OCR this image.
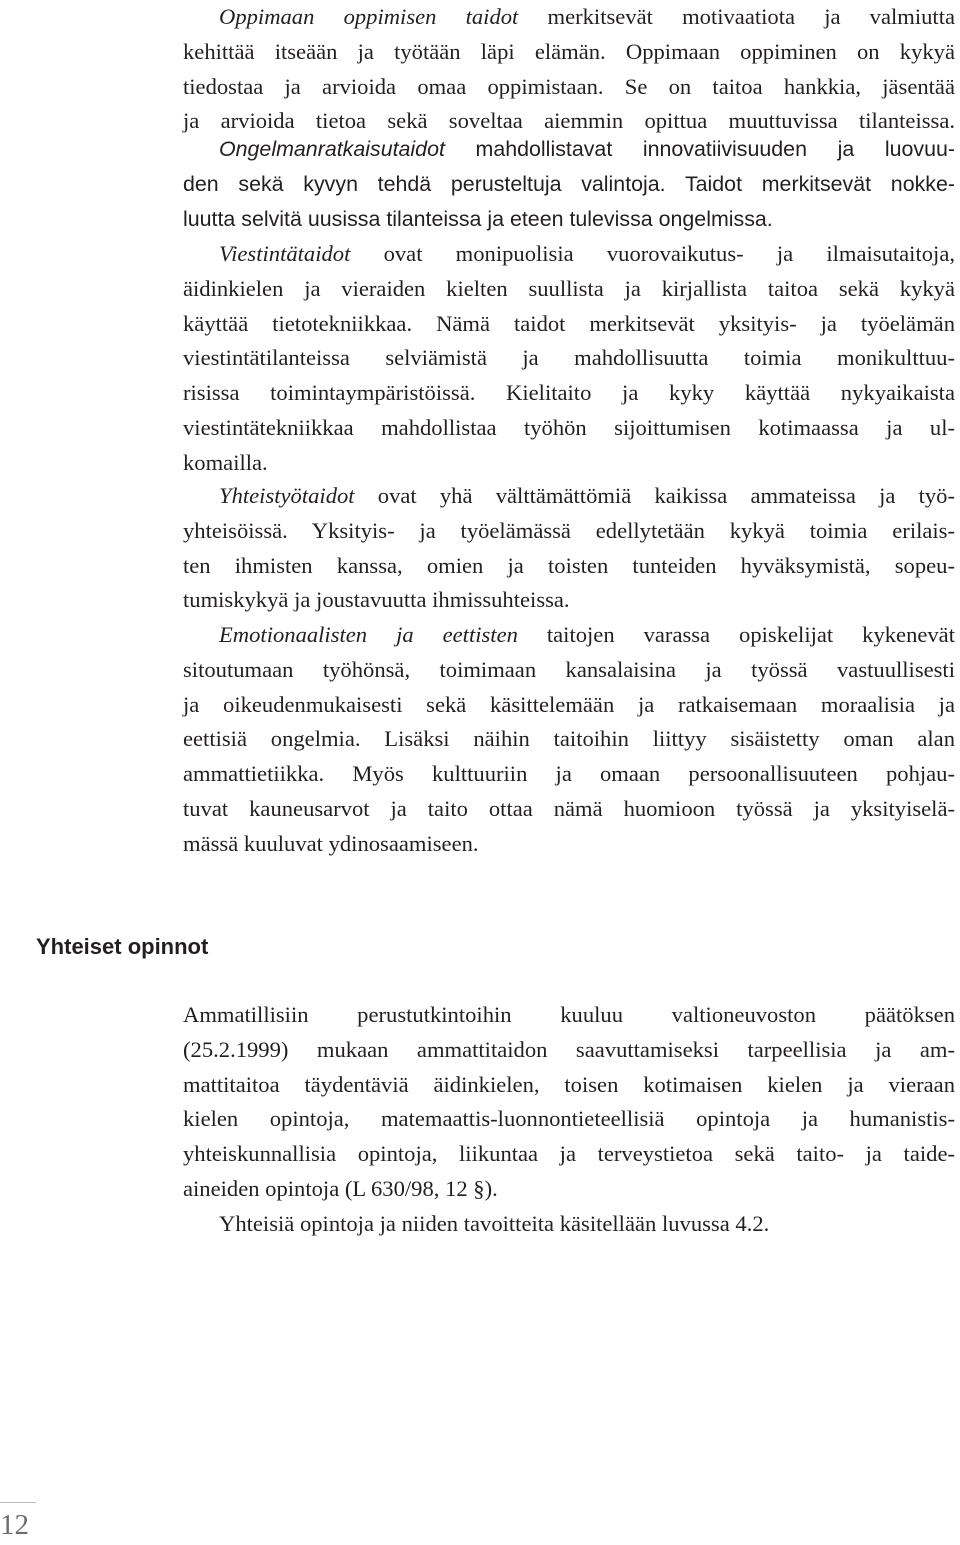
Oppimaan oppimisen taidot merkitsevät motivaatiota ja valmiutta
kehittää itseään ja työtään läpi elämän. Oppimaan oppiminen on kykyä
tiedostaa ja arvioida omaa oppimistaan. Se on taitoa hankkia, jäsentää
ja arvioida tietoa sekä soveltaa aiemmin opittua muuttuvissa tilanteissa.
Ongelmanratkaisutaidot mahdollistavat innovatiivisuuden ja luovuu-
den sekä kyvyn tehdä perusteltuja valintoja. Taidot merkitsevät nokke-
luutta selvitä uusissa tilanteissa ja eteen tulevissa ongelmissa.
Viestintätaidot ovat monipuolisia vuorovaikutus- ja ilmaisutaitoja,
äidinkielen ja vieraiden kielten suullista ja kirjallista taitoa sekä kykyä
käyttää tietotekniikkaa. Nämä taidot merkitsevät yksityis- ja työelämän
viestintätilanteissa selviämistä ja mahdollisuutta toimia monikulttuu-
risissa toimintaympäristöissä. Kielitaito ja kyky käyttää nykyaikaista
viestintätekniikkaa mahdollistaa työhön sijoittumisen kotimaassa ja ul-
komailla.
Yhteistyötaidot ovat yhä välttämättömiä kaikissa ammateissa ja työ-
yhteisöissä. Yksityis- ja työelämässä edellytetään kykyä toimia erilais-
ten ihmisten kanssa, omien ja toisten tunteiden hyväksymistä, sopeu-
tumiskykyä ja joustavuutta ihmissuhteissa.
Emotionaalisten ja eettisten taitojen varassa opiskelijat kykenevät
sitoutumaan työhönsä, toimimaan kansalaisina ja työssä vastuullisesti
ja oikeudenmukaisesti sekä käsittelemään ja ratkaisemaan moraalisia ja
eettisiä ongelmia. Lisäksi näihin taitoihin liittyy sisäistetty oman alan
ammattietiikka. Myös kulttuuriin ja omaan persoonallisuuteen pohjau-
tuvat kauneusarvot ja taito ottaa nämä huomioon työssä ja yksityiselä-
mässä kuuluvat ydinosaamiseen.
Yhteiset opinnot
Ammatillisiin perustutkintoihin kuuluu valtioneuvoston päätöksen
(25.2.1999) mukaan ammattitaidon saavuttamiseksi tarpeellisia ja am-
mattitaitoa täydentäviä äidinkielen, toisen kotimaisen kielen ja vieraan
kielen opintoja, matemaattis-luonnontieteellisiä opintoja ja humanistis-
yhteiskunnallisia opintoja, liikuntaa ja terveystietoa sekä taito- ja taide-
aineiden opintoja (L 630/98, 12 §).
Yhteisiä opintoja ja niiden tavoitteita käsitellään luvussa 4.2.
12
